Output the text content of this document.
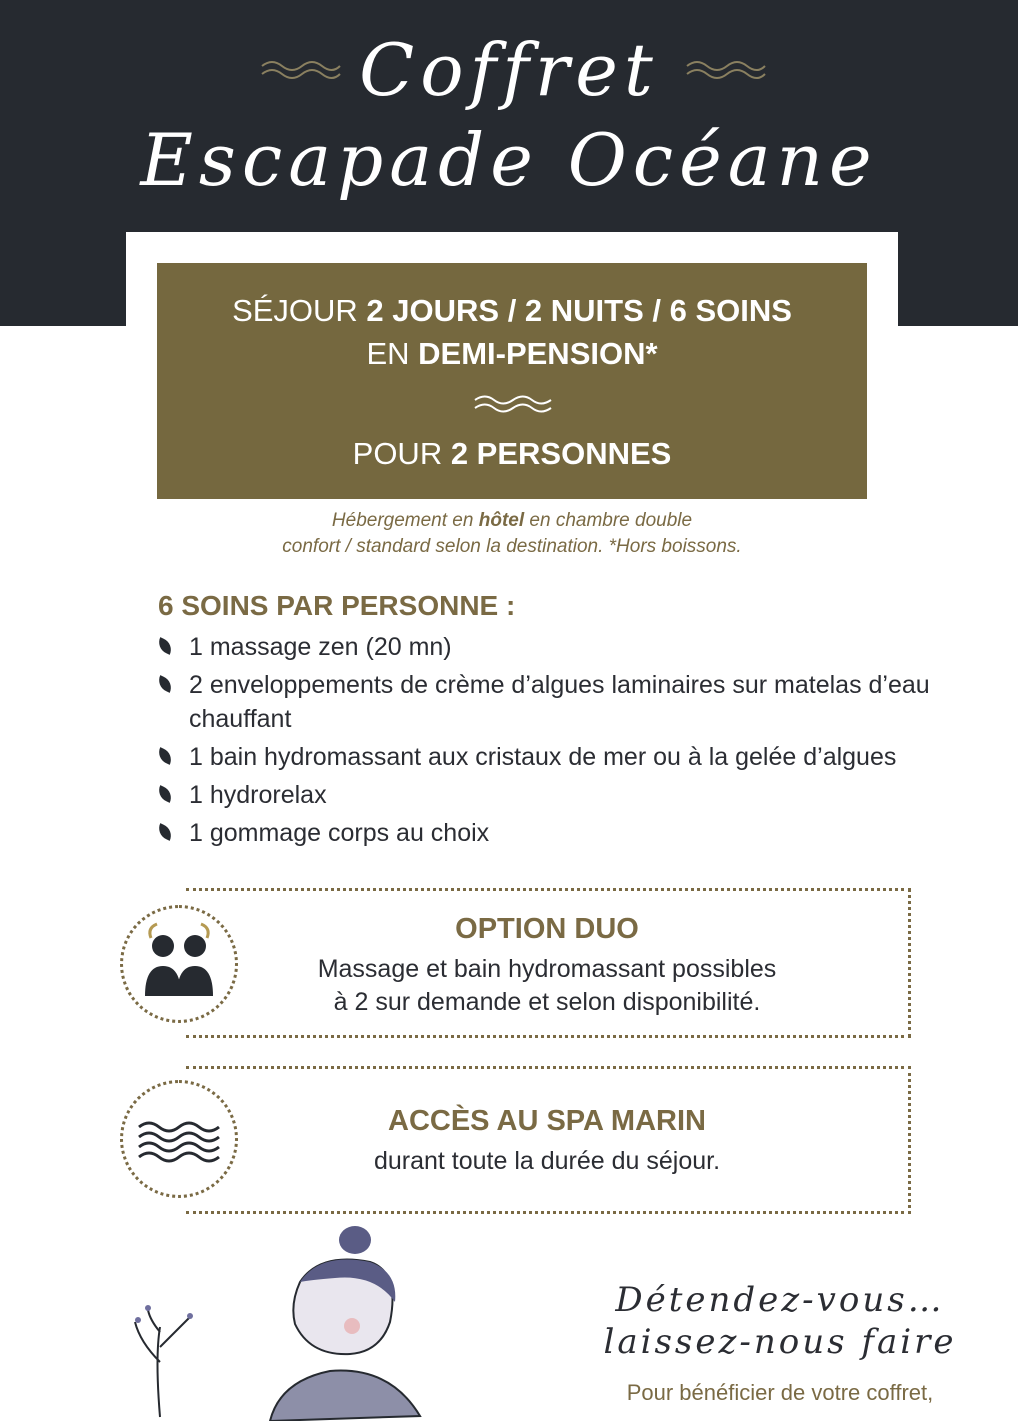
Coffret
Escapade Océane
SÉJOUR 2 JOURS / 2 NUITS / 6 SOINS
EN DEMI-PENSION*
POUR 2 PERSONNES
Hébergement en hôtel en chambre double
confort / standard selon la destination. *Hors boissons.
6 SOINS PAR PERSONNE :
1 massage zen (20 mn)
2 enveloppements de crème d’algues laminaires sur matelas d’eau chauffant
1 bain hydromassant aux cristaux de mer ou à la gelée d’algues
1 hydrorelax
1 gommage corps au choix
OPTION DUO
Massage et bain hydromassant possibles
à 2 sur demande et selon disponibilité.
ACCÈS AU SPA MARIN
durant toute la durée du séjour.
Détendez-vous…
laissez-nous faire
Pour bénéficier de votre coffret,
